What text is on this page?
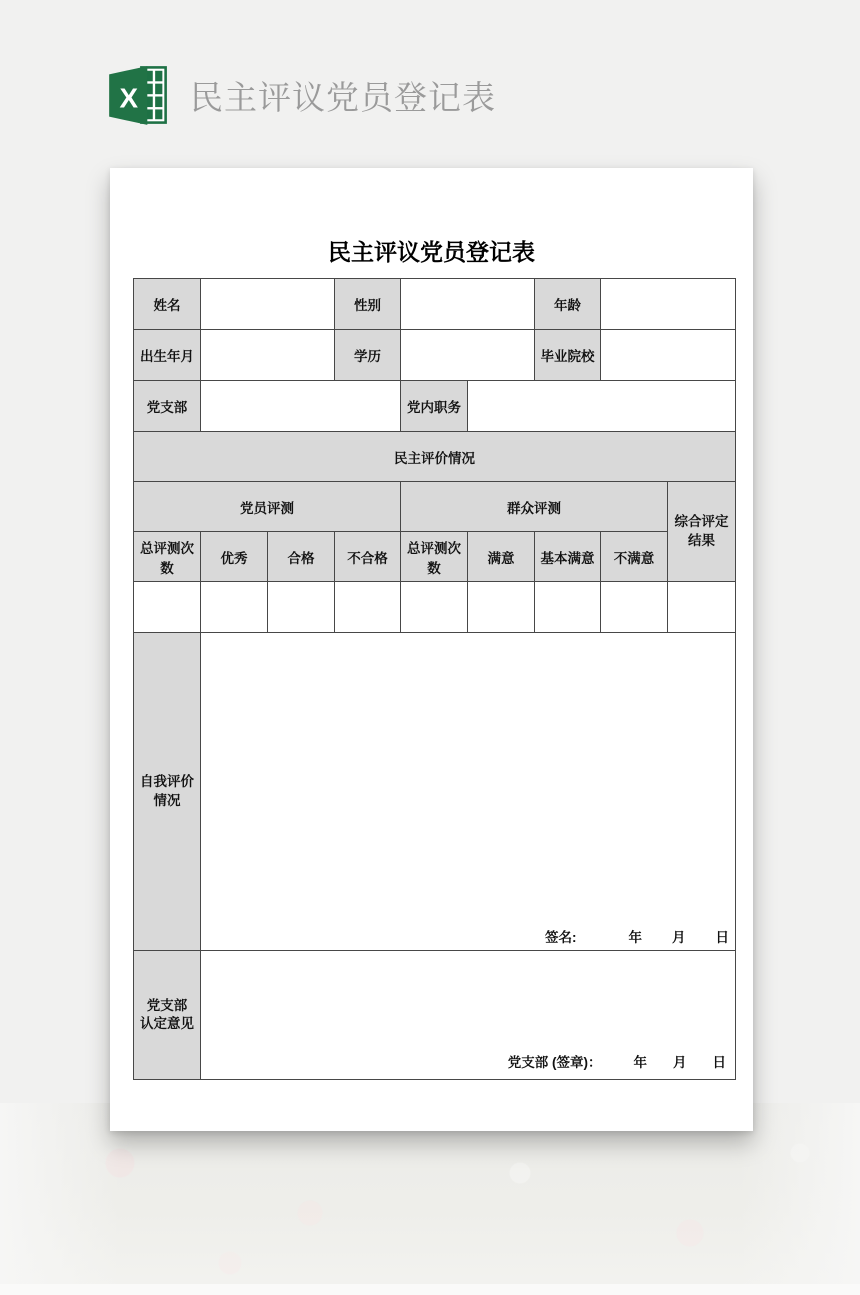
X 民主评议党员登记表
民主评议党员登记表
姓名			性别			年龄		
出生年月			学历			毕业院校		
党支部				党内职务				
民主评价情况								
党员评测				群众评测				综合评定
结果

总评测次数	优秀	合格	不合格	总评测次数	满意	基本满意	不满意	

自我评价
情况	签名: 年 月 日							

党支部
认定意见	党支部 (签章)： 年 月 日							
